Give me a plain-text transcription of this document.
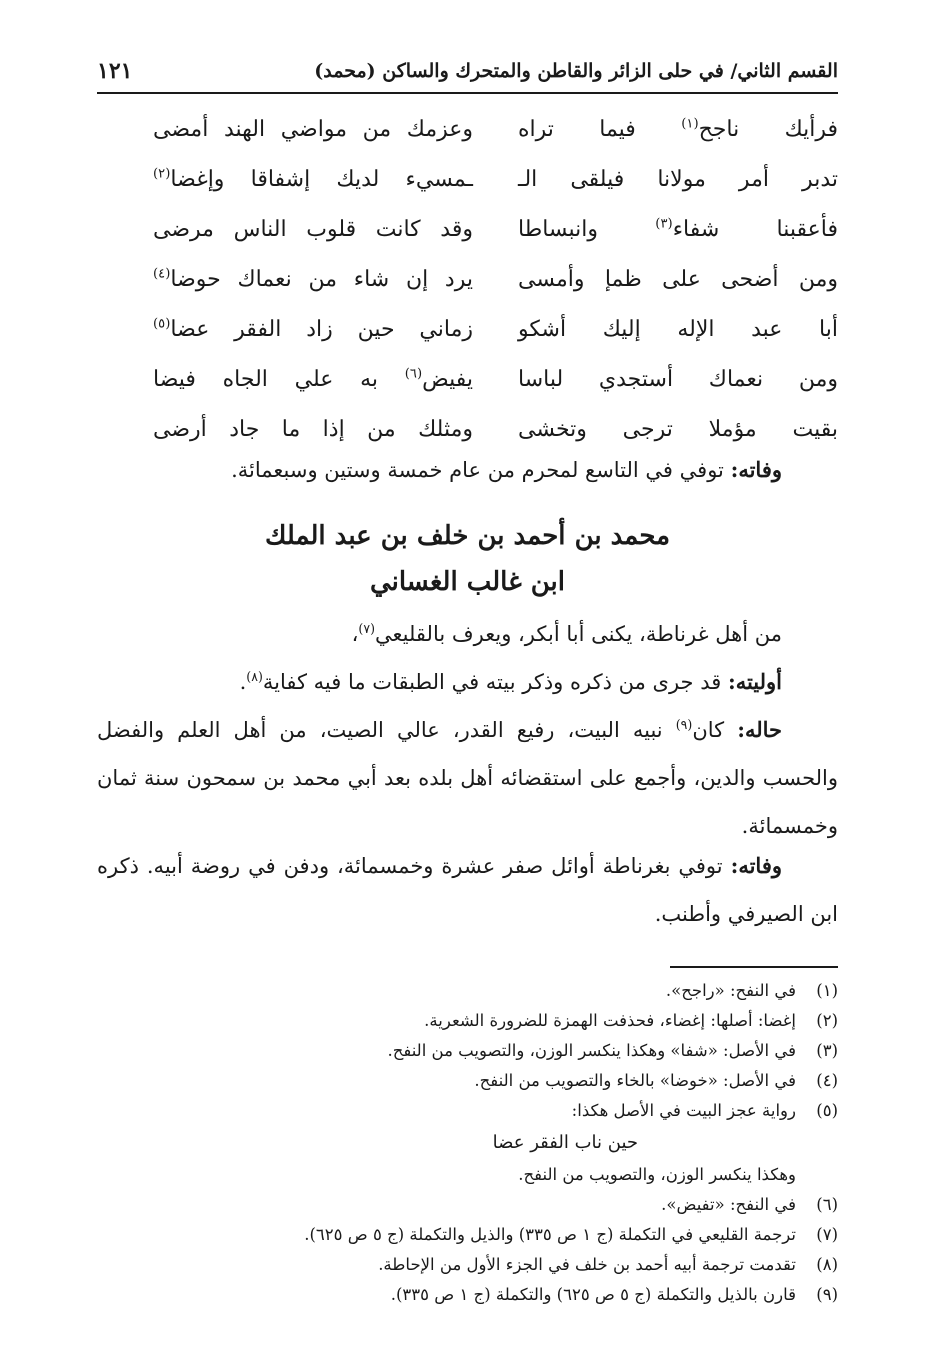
القسم الثاني/ في حلى الزائر والقاطن والمتحرك والساكن (محمد)
١٢١
فرأيك ناجح$^{(١)}$ فيما تراه
وعزمك من مواضي الهند أمضى
تدبر أمر مولانا فيلقى الـ
ـمسيء لديك إشفاقا وإغضا$^{(٢)}$
فأعقبنا شفاء$^{(٣)}$ وانبساطا
وقد كانت قلوب الناس مرضى
ومن أضحى على ظمإ وأمسى
يرد إن شاء من نعماك حوضا$^{(٤)}$
أبا عبد الإله إليك أشكو
زماني حين زاد الفقر عضا$^{(٥)}$
ومن نعماك أستجدي لباسا
يفيض$^{(٦)}$ به علي الجاه فيضا
بقيت مؤملا ترجى وتخشى
ومثلك من إذا ما جاد أرضى
وفاته: توفي في التاسع لمحرم من عام خمسة وستين وسبعمائة.
محمد بن أحمد بن خلف بن عبد الملك
ابن غالب الغساني
من أهل غرناطة، يكنى أبا أبكر، ويعرف بالقليعي$^{(٧)}$،
أوليته: قد جرى من ذكره وذكر بيته في الطبقات ما فيه كفاية$^{(٨)}$.
حاله: كان$^{(٩)}$ نبيه البيت، رفيع القدر، عالي الصيت، من أهل العلم والفضل والحسب والدين، وأجمع على استقضائه أهل بلده بعد أبي محمد بن سمحون سنة ثمان وخمسمائة.
وفاته: توفي بغرناطة أوائل صفر عشرة وخمسمائة، ودفن في روضة أبيه. ذكره ابن الصيرفي وأطنب.
(١)
في النفح: «راجح».
(٢)
إغضا: أصلها: إغضاء، فحذفت الهمزة للضرورة الشعرية.
(٣)
في الأصل: «شفا» وهكذا ينكسر الوزن، والتصويب من النفح.
(٤)
في الأصل: «خوضا» بالخاء والتصويب من النفح.
(٥)
رواية عجز البيت في الأصل هكذا:
حين ناب الفقر عضا
وهكذا ينكسر الوزن، والتصويب من النفح.
(٦)
في النفح: «تفيض».
(٧)
ترجمة القليعي في التكملة (ج ١ ص ٣٣٥) والذيل والتكملة (ج ٥ ص ٦٢٥).
(٨)
تقدمت ترجمة أبيه أحمد بن خلف في الجزء الأول من الإحاطة.
(٩)
قارن بالذيل والتكملة (ج ٥ ص ٦٢٥) والتكملة (ج ١ ص ٣٣٥).
